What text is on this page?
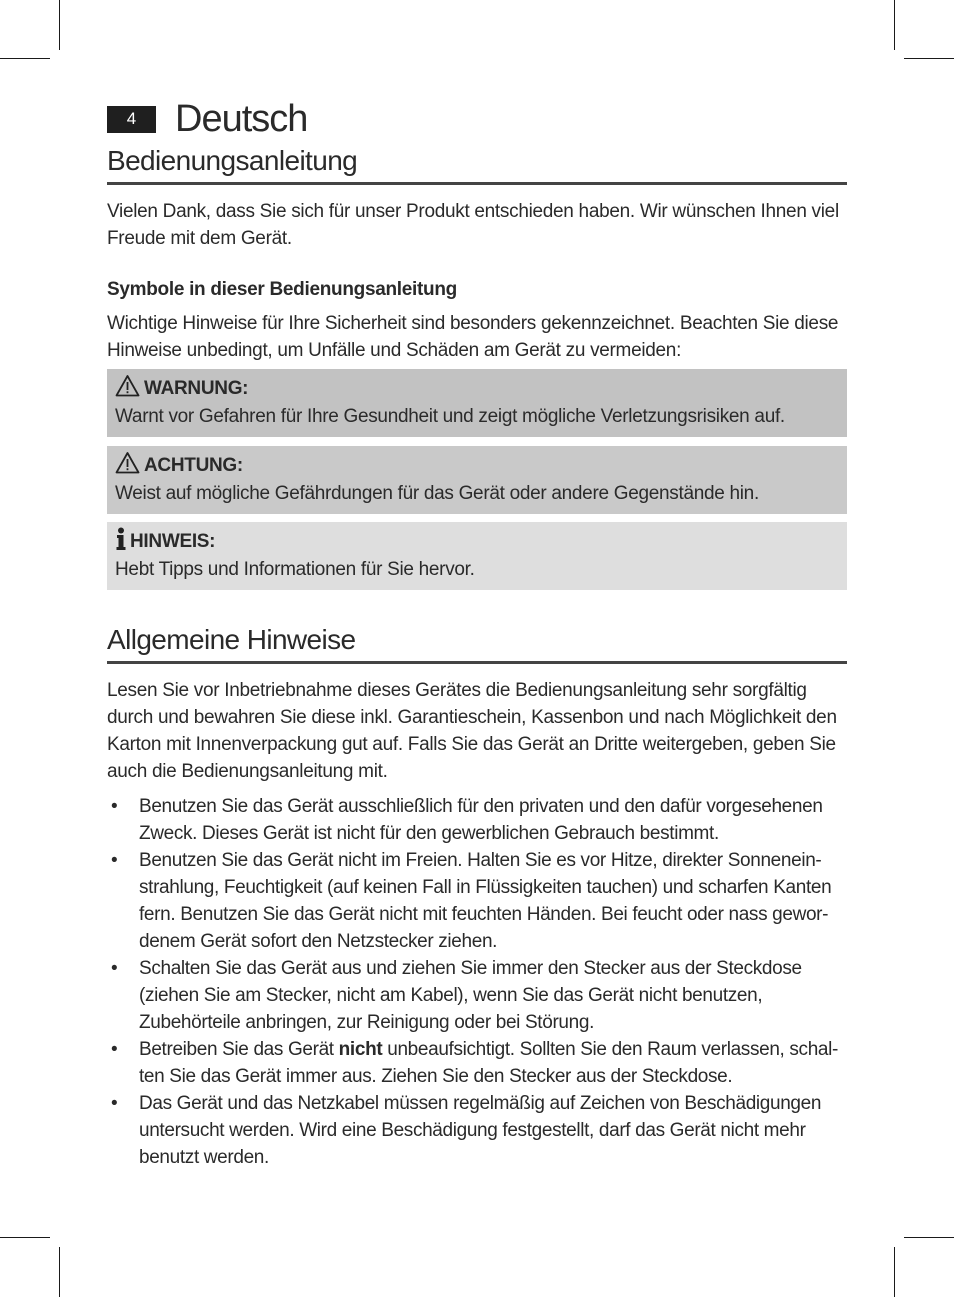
4	Deutsch
Bedienungsanleitung
Vielen Dank, dass Sie sich für unser Produkt entschieden haben. Wir wünschen Ihnen viel Freude mit dem Gerät.
Symbole in dieser Bedienungsanleitung
Wichtige Hinweise für Ihre Sicherheit sind besonders gekennzeichnet. Beachten Sie diese Hinweise unbedingt, um Unfälle und Schäden am Gerät zu vermeiden:
WARNUNG:
Warnt vor Gefahren für Ihre Gesundheit und zeigt mögliche Verletzungsrisiken auf.
ACHTUNG:
Weist auf mögliche Gefährdungen für das Gerät oder andere Gegenstände hin.
HINWEIS:
Hebt Tipps und Informationen für Sie hervor.
Allgemeine Hinweise
Lesen Sie vor Inbetriebnahme dieses Gerätes die Bedienungsanleitung sehr sorgfältig durch und bewahren Sie diese inkl. Garantieschein, Kassenbon und nach Möglichkeit den Karton mit Innenverpackung gut auf. Falls Sie das Gerät an Dritte weitergeben, geben Sie auch die Bedienungsanleitung mit.
• Benutzen Sie das Gerät ausschließlich für den privaten und den dafür vorgesehenen Zweck. Dieses Gerät ist nicht für den gewerblichen Gebrauch bestimmt.
• Benutzen Sie das Gerät nicht im Freien. Halten Sie es vor Hitze, direkter Sonnenein-strahlung, Feuchtigkeit (auf keinen Fall in Flüssigkeiten tauchen) und scharfen Kanten fern. Benutzen Sie das Gerät nicht mit feuchten Händen. Bei feucht oder nass gewor-denem Gerät sofort den Netzstecker ziehen.
• Schalten Sie das Gerät aus und ziehen Sie immer den Stecker aus der Steckdose (ziehen Sie am Stecker, nicht am Kabel), wenn Sie das Gerät nicht benutzen, Zubehörteile anbringen, zur Reinigung oder bei Störung.
• Betreiben Sie das Gerät nicht unbeaufsichtigt. Sollten Sie den Raum verlassen, schal-ten Sie das Gerät immer aus. Ziehen Sie den Stecker aus der Steckdose.
• Das Gerät und das Netzkabel müssen regelmäßig auf Zeichen von Beschädigungen untersucht werden. Wird eine Beschädigung festgestellt, darf das Gerät nicht mehr benutzt werden.
